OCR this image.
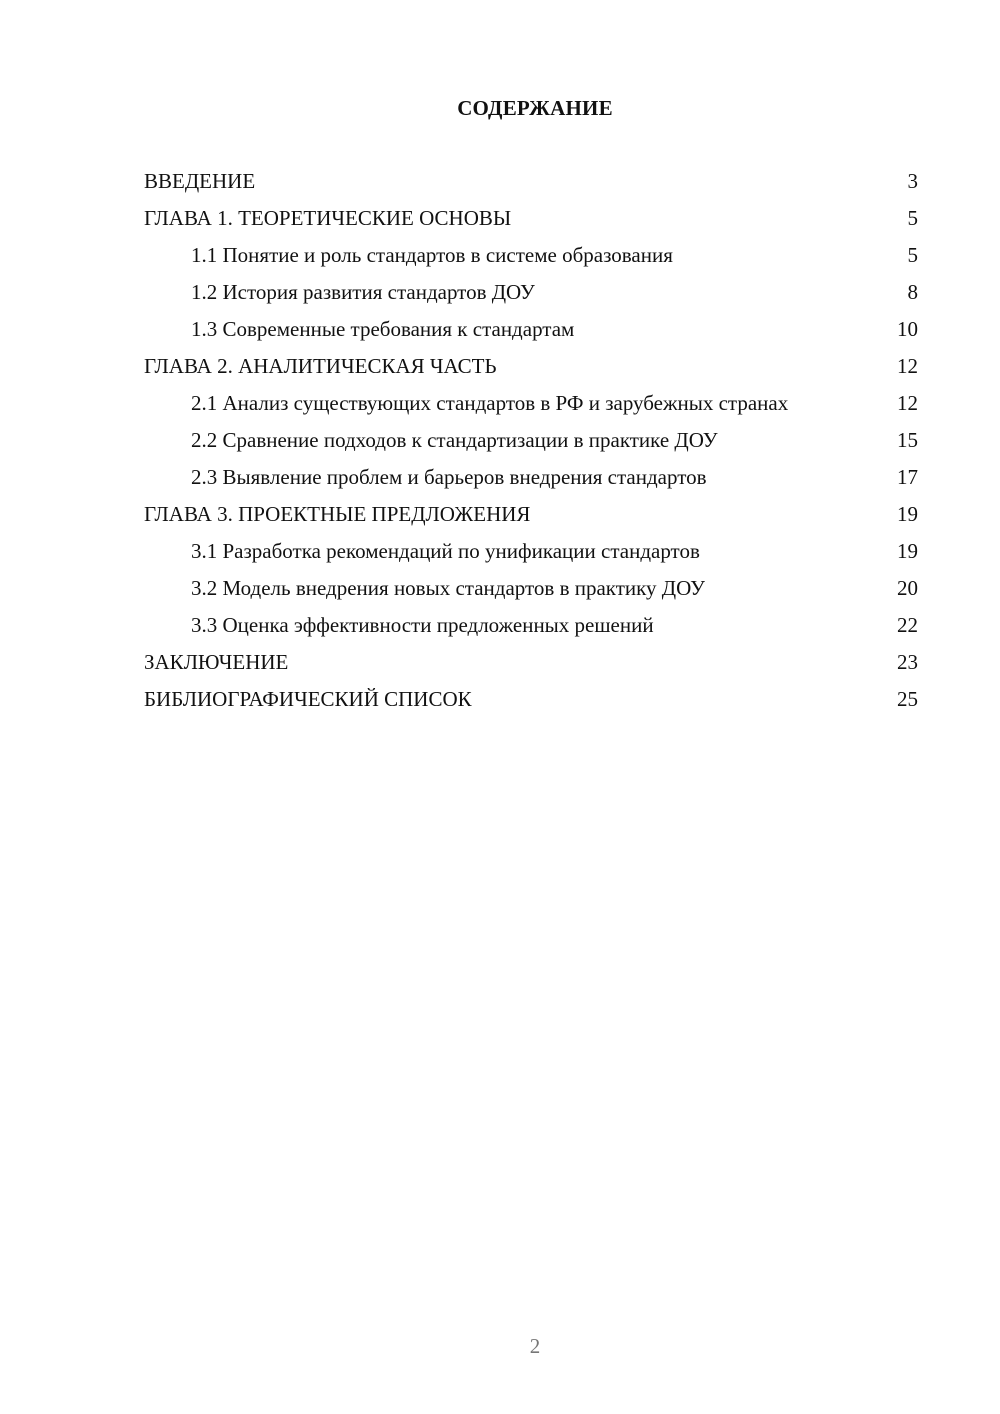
СОДЕРЖАНИЕ
ВВЕДЕНИЕ	3
ГЛАВА 1. ТЕОРЕТИЧЕСКИЕ ОСНОВЫ	5
1.1 Понятие и роль стандартов в системе образования	5
1.2 История развития стандартов ДОУ	8
1.3 Современные требования к стандартам	10
ГЛАВА 2. АНАЛИТИЧЕСКАЯ ЧАСТЬ	12
2.1 Анализ существующих стандартов в РФ и зарубежных странах	12
2.2 Сравнение подходов к стандартизации в практике ДОУ	15
2.3 Выявление проблем и барьеров внедрения стандартов	17
ГЛАВА 3. ПРОЕКТНЫЕ ПРЕДЛОЖЕНИЯ	19
3.1 Разработка рекомендаций по унификации стандартов	19
3.2 Модель внедрения новых стандартов в практику ДОУ	20
3.3 Оценка эффективности предложенных решений	22
ЗАКЛЮЧЕНИЕ	23
БИБЛИОГРАФИЧЕСКИЙ СПИСОК	25
2
